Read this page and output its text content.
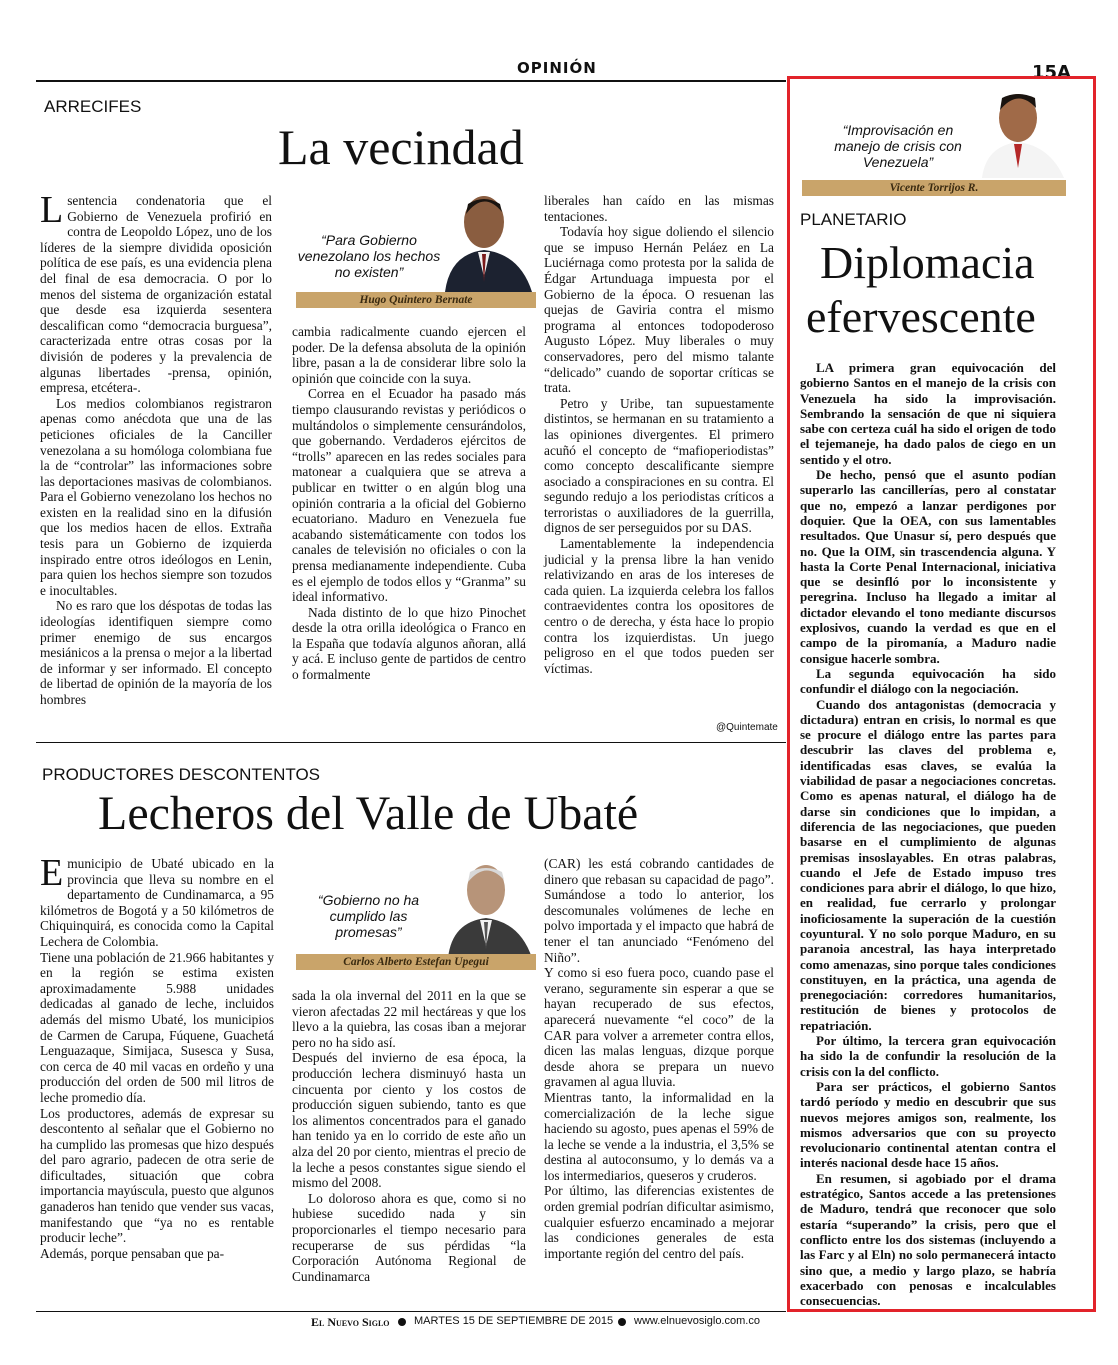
OPINIÓN	15A
ARRECIFES
La vecindad

Lsentencia condenatoria que el Gobierno de Venezuela profirió en contra de Leopoldo López, uno de los líderes de la siempre dividida oposición política de ese país, es una evidencia plena del final de esa democracia. O por lo menos del sistema de organización estatal que desde esa izquierda sesentera descalifican como “democracia burguesa”, caracterizada entre otras cosas por la división de poderes y la prevalencia de algunas libertades -prensa, opinión, empresa, etcétera-.

Los medios colombianos registraron apenas como anécdota que una de las peticiones oficiales de la Canciller venezolana a su homóloga colombiana fue la de “controlar” las informaciones sobre las deportaciones masivas de colombianos. Para el Gobierno venezolano los hechos no existen en la realidad sino en la difusión que los medios hacen de ellos. Extraña tesis para un Gobierno de izquierda inspirado entre otros ideólogos en Lenin, para quien los hechos siempre son tozudos e inocultables.

No es raro que los déspotas de todas las ideologías identifiquen siempre como primer enemigo de sus encargos mesiánicos a la prensa o mejor a la libertad de informar y ser informado. El concepto de libertad de opinión de la mayoría de los hombres

“Para Gobierno venezolano los hechos no existen”
Hugo Quintero Bernate

cambia radicalmente cuando ejercen el poder. De la defensa absoluta de la opinión libre, pasan a la de considerar libre solo la opinión que coincide con la suya.

Correa en el Ecuador ha pasado más tiempo clausurando revistas y periódicos o multándolos o simplemente censurándolos, que gobernando. Verdaderos ejércitos de “trolls” aparecen en las redes sociales para matonear a cualquiera que se atreva a publicar en twitter o en algún blog una opinión contraria a la oficial del Gobierno ecuatoriano. Maduro en Venezuela fue acabando sistemáticamente con todos los canales de televisión no oficiales o con la prensa medianamente independiente. Cuba es el ejemplo de todos ellos y “Granma” su ideal informativo.

Nada distinto de lo que hizo Pinochet desde la otra orilla ideológica o Franco en la España que todavía algunos añoran, allá y acá. E incluso gente de partidos de centro o formalmente

liberales han caído en las mismas tentaciones.

Todavía hoy sigue doliendo el silencio que se impuso Hernán Peláez en La Luciérnaga como protesta por la salida de Édgar Artunduaga impuesta por el Gobierno de la época. O resuenan las quejas de Gaviria contra el mismo programa al entonces todopoderoso Augusto López. Muy liberales o muy conservadores, pero del mismo talante “delicado” cuando de soportar críticas se trata.

Petro y Uribe, tan supuestamente distintos, se hermanan en su tratamiento a las opiniones divergentes. El primero acuñó el concepto de “mafioperiodistas” como concepto descalificante siempre asociado a conspiraciones en su contra. El segundo redujo a los periodistas críticos a terroristas o auxiliadores de la guerrilla, dignos de ser perseguidos por su DAS.

Lamentablemente la independencia judicial y la prensa libre la han venido relativizando en aras de los intereses de cada quien. La izquierda celebra los fallos contraevidentes contra los opositores de centro o de derecha, y ésta hace lo propio contra los izquierdistas. Un juego peligroso en el que todos pueden ser víctimas.

@Quintemate
PRODUCTORES DESCONTENTOS
Lecheros del Valle de Ubaté

Emunicipio de Ubaté ubicado en la provincia que lleva su nombre en el departamento de Cundinamarca, a 95 kilómetros de Bogotá y a 50 kilómetros de Chiquinquirá, es conocida como la Capital Lechera de Colombia.

Tiene una población de 21.966 habitantes y en la región se estima existen aproximadamente 5.988 unidades dedicadas al ganado de leche, incluidos además del mismo Ubaté, los municipios de Carmen de Carupa, Fúquene, Guachetá Lenguazaque, Simijaca, Susesca y Susa, con cerca de 40 mil vacas en ordeño y una producción del orden de 500 mil litros de leche promedio día.

Los productores, además de expresar su descontento al señalar que el Gobierno no ha cumplido las promesas que hizo después del paro agrario, padecen de otra serie de dificultades, situación que cobra importancia mayúscula, puesto que algunos ganaderos han tenido que vender sus vacas, manifestando que “ya no es rentable producir leche”.

Además, porque pensaban que pa-

“Gobierno no ha cumplido las promesas”
Carlos Alberto Estefan Upegui

sada la ola invernal del 2011 en la que se vieron afectadas 22 mil hectáreas y que los llevo a la quiebra, las cosas iban a mejorar pero no ha sido así.

Después del invierno de esa época, la producción lechera disminuyó hasta un cincuenta por ciento y los costos de producción siguen subiendo, tanto es que los alimentos concentrados para el ganado han tenido ya en lo corrido de este año un alza del 20 por ciento, mientras el precio de la leche a pesos constantes sigue siendo el mismo del 2008.

Lo doloroso ahora es que, como si no hubiese sucedido nada y sin proporcionarles el tiempo necesario para recuperarse de sus pérdidas “la Corporación Autónoma Regional de Cundinamarca

(CAR) les está cobrando cantidades de dinero que rebasan su capacidad de pago”. Sumándose a todo lo anterior, los descomunales volúmenes de leche en polvo importada y el impacto que habrá de tener el tan anunciado “Fenómeno del Niño”.

Y como si eso fuera poco, cuando pase el verano, seguramente sin esperar a que se hayan recuperado de sus efectos, aparecerá nuevamente “el coco” de la CAR para volver a arremeter contra ellos, dicen las malas lenguas, dizque porque desde ahora se prepara un nuevo gravamen al agua lluvia.

Mientras tanto, la informalidad en la comercialización de la leche sigue haciendo su agosto, pues apenas el 59% de la leche se vende a la industria, el 3,5% se destina al autoconsumo, y lo demás va a los intermediarios, queseros y cruderos.

Por último, las diferencias existentes de orden gremial podrían dificultar asimismo, cualquier esfuerzo encaminado a mejorar las condiciones generales de esta importante región del centro del país.

“Improvisación en manejo de crisis con Venezuela”
Vicente Torrijos R.
PLANETARIO
Diplomacia
efervescente

LA primera gran equivocación del gobierno Santos en el manejo de la crisis con Venezuela ha sido la improvisación. Sembrando la sensación de que ni siquiera sabe con certeza cuál ha sido el origen de todo el tejemaneje, ha dado palos de ciego en un sentido y el otro.

De hecho, pensó que el asunto podían superarlo las cancillerías, pero al constatar que no, empezó a lanzar perdigones por doquier. Que la OEA, con sus lamentables resultados. Que Unasur sí, pero después que no. Que la OIM, sin trascendencia alguna. Y hasta la Corte Penal Internacional, iniciativa que se desinfló por lo inconsistente y peregrina. Incluso ha llegado a imitar al dictador elevando el tono mediante discursos explosivos, cuando la verdad es que en el campo de la piromanía, a Maduro nadie consigue hacerle sombra.

La segunda equivocación ha sido confundir el diálogo con la negociación.

Cuando dos antagonistas (democracia y dictadura) entran en crisis, lo normal es que se procure el diálogo entre las partes para descubrir las claves del problema e, identificadas esas claves, se evalúa la viabilidad de pasar a negociaciones concretas. Como es apenas natural, el diálogo ha de darse sin condiciones que lo impidan, a diferencia de las negociaciones, que pueden basarse en el cumplimiento de algunas premisas insoslayables. En otras palabras, cuando el Jefe de Estado impuso tres condiciones para abrir el diálogo, lo que hizo, en realidad, fue cerrarlo y prolongar inoficiosamente la superación de la cuestión coyuntural. Y no solo porque Maduro, en su paranoia ancestral, las haya interpretado como amenazas, sino porque tales condiciones constituyen, en la práctica, una agenda de prenegociación: corredores humanitarios, restitución de bienes y protocolos de repatriación.

Por último, la tercera gran equivocación ha sido la de confundir la resolución de la crisis con la del conflicto.

Para ser prácticos, el gobierno Santos tardó período y medio en descubrir que sus nuevos mejores amigos son, realmente, los mismos adversarios que con su proyecto revolucionario continental atentan contra el interés nacional desde hace 15 años.

En resumen, si agobiado por el drama estratégico, Santos accede a las pretensiones de Maduro, tendrá que reconocer que solo estaría “superando” la crisis, pero que el conflicto entre los dos sistemas (incluyendo a las Farc y al Eln) no solo permanecerá intacto sino que, a medio y largo plazo, se habría exacerbado con penosas e incalculables consecuencias.

El Nuevo Siglo MARTES 15 DE SEPTIEMBRE DE 2015 www.elnuevosiglo.com.co
